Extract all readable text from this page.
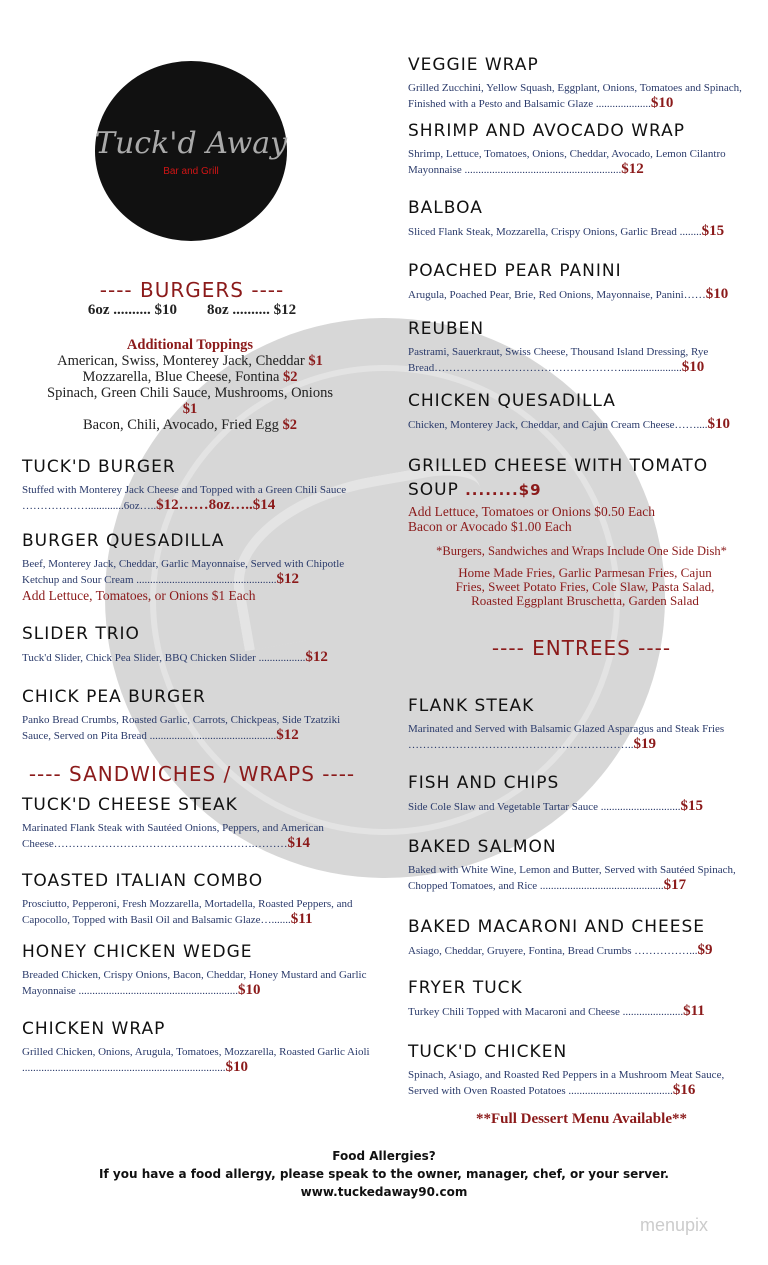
Tuck'd Away
Bar and Grill
---- BURGERS ----
6oz .......... $10        8oz .......... $12
Additional Toppings
American, Swiss, Monterey Jack, Cheddar $1
Mozzarella, Blue Cheese, Fontina $2
Spinach, Green Chili Sauce, Mushrooms, Onions $1
Bacon, Chili, Avocado, Fried Egg $2
---- SANDWICHES / WRAPS ----
*Burgers, Sandwiches and Wraps Include One Side Dish*
Home Made Fries, Garlic Parmesan Fries, Cajun Fries, Sweet Potato Fries, Cole Slaw, Pasta Salad, Roasted Eggplant Bruschetta, Garden Salad
---- ENTREES ----
**Full Dessert Menu Available**
Food Allergies?
If you have a food allergy, please speak to the owner, manager, chef, or your server.
www.tuckedaway90.com
menupix
TUCK'D BURGER
Stuffed with Monterey Jack Cheese and Topped with a Green Chili Sauce ……………….............6oz…..$12……8oz…..$14
BURGER QUESADILLA
Beef, Monterey Jack, Cheddar, Garlic Mayonnaise, Served with Chipotle Ketchup and Sour Cream ...................................................$12
Add Lettuce, Tomatoes, or Onions $1 Each
SLIDER TRIO
Tuck'd Slider, Chick Pea Slider, BBQ Chicken Slider .................$12
CHICK PEA BURGER
Panko Bread Crumbs, Roasted Garlic, Carrots, Chickpeas, Side Tzatziki Sauce, Served on Pita Bread ..............................................$12
TUCK'D CHEESE STEAK
Marinated Flank Steak with Sautéed Onions, Peppers, and American Cheese……………………………………………….………$14
TOASTED ITALIAN COMBO
Prosciutto, Pepperoni, Fresh Mozzarella, Mortadella, Roasted Peppers, and Capocollo, Topped with Basil Oil and Balsamic Glaze….......$11
HONEY CHICKEN WEDGE
Breaded Chicken, Crispy Onions, Bacon, Cheddar, Honey Mustard and Garlic Mayonnaise ..........................................................$10
CHICKEN WRAP
Grilled Chicken, Onions, Arugula, Tomatoes, Mozzarella, Roasted Garlic Aioli ..........................................................................$10
VEGGIE WRAP
Grilled Zucchini, Yellow Squash, Eggplant, Onions, Tomatoes and Spinach, Finished with a Pesto and Balsamic Glaze ....................$10
SHRIMP AND AVOCADO WRAP
Shrimp, Lettuce, Tomatoes, Onions, Cheddar, Avocado, Lemon Cilantro Mayonnaise .........................................................$12
BALBOA
Sliced Flank Steak, Mozzarella, Crispy Onions, Garlic Bread ........$15
POACHED PEAR PANINI
Arugula, Poached Pear, Brie, Red Onions, Mayonnaise, Panini……$10
REUBEN
Pastrami, Sauerkraut, Swiss Cheese, Thousand Island Dressing, Rye Bread……………………………………………......................$10
CHICKEN QUESADILLA
Chicken, Monterey Jack, Cheddar, and Cajun Cream Cheese……....$10
GRILLED CHEESE WITH TOMATO SOUP ........$9
Add Lettuce, Tomatoes or Onions $0.50 Each
Bacon or Avocado $1.00 Each
FLANK STEAK
Marinated and Served with Balsamic Glazed Asparagus and Steak Fries ……………………………………………………..$19
FISH AND CHIPS
Side Cole Slaw and Vegetable Tartar Sauce .............................$15
BAKED SALMON
Baked with White Wine, Lemon and Butter, Served with Sautéed Spinach, Chopped Tomatoes, and Rice .............................................$17
BAKED MACARONI AND CHEESE
Asiago, Cheddar, Gruyere, Fontina, Bread Crumbs ……………...$9
FRYER TUCK
Turkey Chili Topped with Macaroni and Cheese ......................$11
TUCK'D CHICKEN
Spinach, Asiago, and Roasted Red Peppers in a Mushroom Meat Sauce, Served with Oven Roasted Potatoes ......................................$16
